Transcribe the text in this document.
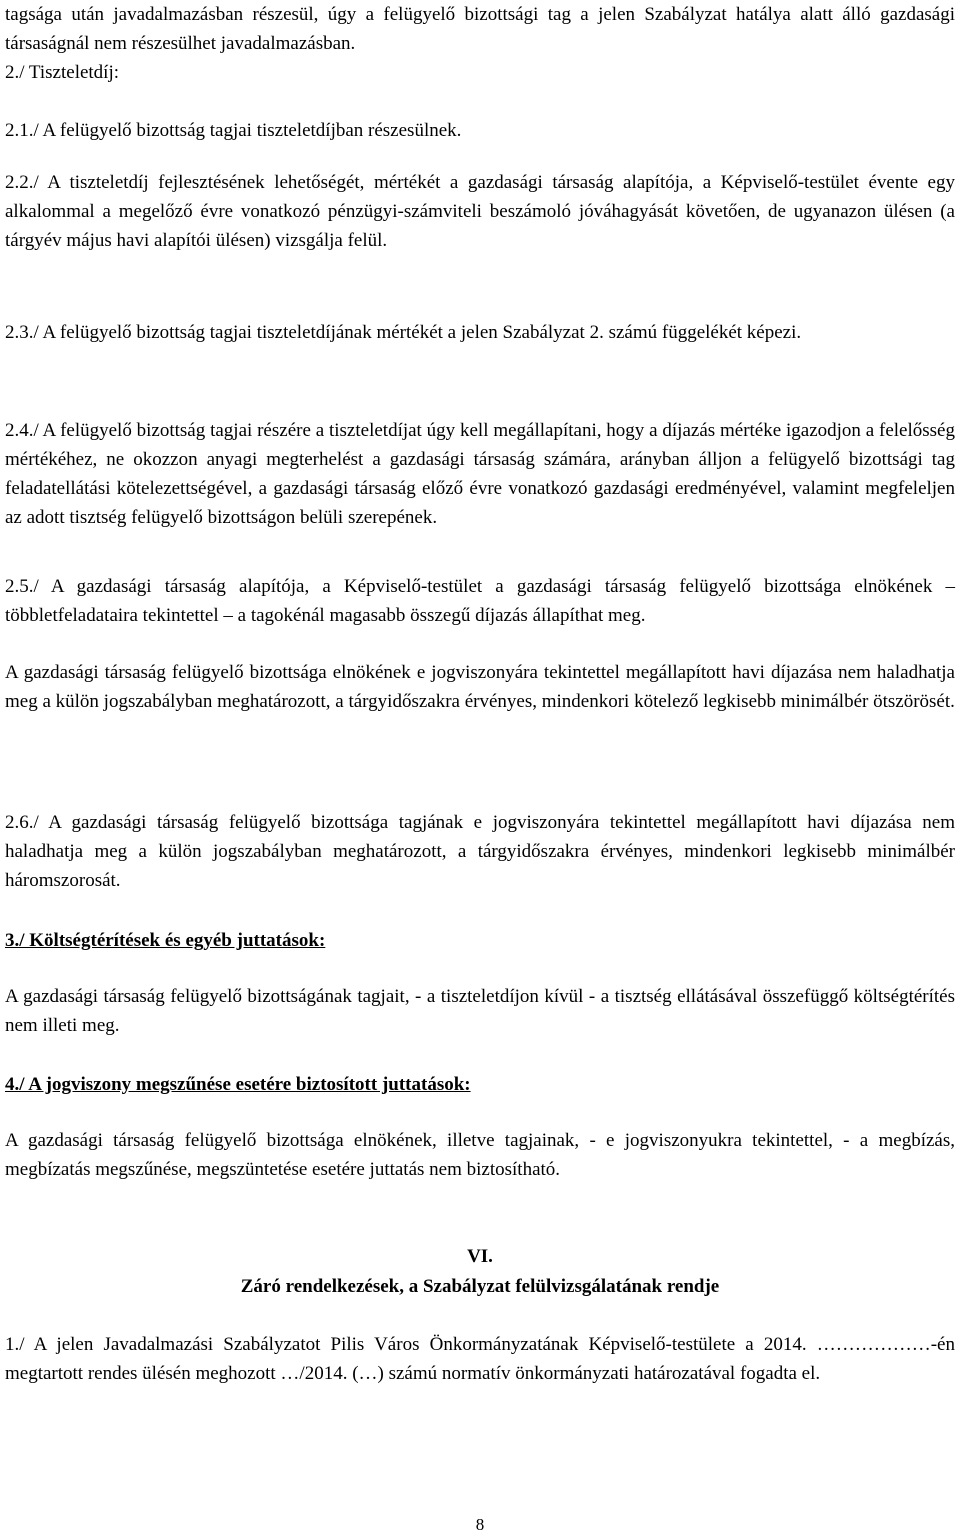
tagsága után javadalmazásban részesül, úgy a felügyelő bizottsági tag a jelen Szabályzat hatálya alatt álló gazdasági társaságnál nem részesülhet javadalmazásban.

2./ Tiszteletdíj:

2.1./ A felügyelő bizottság tagjai tiszteletdíjban részesülnek.

2.2./ A tiszteletdíj fejlesztésének lehetőségét, mértékét a gazdasági társaság alapítója, a Képviselő-testület évente egy alkalommal a megelőző évre vonatkozó pénzügyi-számviteli beszámoló jóváhagyását követően, de ugyanazon ülésen (a tárgyév május havi alapítói ülésen) vizsgálja felül.

2.3./ A felügyelő bizottság tagjai tiszteletdíjának mértékét a jelen Szabályzat 2. számú függelékét képezi.

2.4./ A felügyelő bizottság tagjai részére a tiszteletdíjat úgy kell megállapítani, hogy a díjazás mértéke igazodjon a felelősség mértékéhez, ne okozzon anyagi megterhelést a gazdasági társaság számára, arányban álljon a felügyelő bizottsági tag feladatellátási kötelezettségével, a gazdasági társaság előző évre vonatkozó gazdasági eredményével, valamint megfeleljen az adott tisztség felügyelő bizottságon belüli szerepének.

2.5./ A gazdasági társaság alapítója, a Képviselő-testület a gazdasági társaság felügyelő bizottsága elnökének – többletfeladataira tekintettel – a tagokénál magasabb összegű díjazás állapíthat meg.

A gazdasági társaság felügyelő bizottsága elnökének e jogviszonyára tekintettel megállapított havi díjazása nem haladhatja meg a külön jogszabályban meghatározott, a tárgyidőszakra érvényes, mindenkori kötelező legkisebb minimálbér ötszörösét.

2.6./ A gazdasági társaság felügyelő bizottsága tagjának e jogviszonyára tekintettel megállapított havi díjazása nem haladhatja meg a külön jogszabályban meghatározott, a tárgyidőszakra érvényes, mindenkori legkisebb minimálbér háromszorosát.

3./ Költségtérítések és egyéb juttatások:

A gazdasági társaság felügyelő bizottságának tagjait, - a tiszteletdíjon kívül - a tisztség ellátásával összefüggő költségtérítés nem illeti meg.

4./ A jogviszony megszűnése esetére biztosított juttatások:

A gazdasági társaság felügyelő bizottsága elnökének, illetve tagjainak, - e jogviszonyukra tekintettel, - a megbízás, megbízatás megszűnése, megszüntetése esetére juttatás nem biztosítható.

VI.

Záró rendelkezések, a Szabályzat felülvizsgálatának rendje

1./ A jelen Javadalmazási Szabályzatot Pilis Város Önkormányzatának Képviselő-testülete a 2014. ………………-én megtartott rendes ülésén meghozott …/2014. (…) számú normatív önkormányzati határozatával fogadta el.

8
